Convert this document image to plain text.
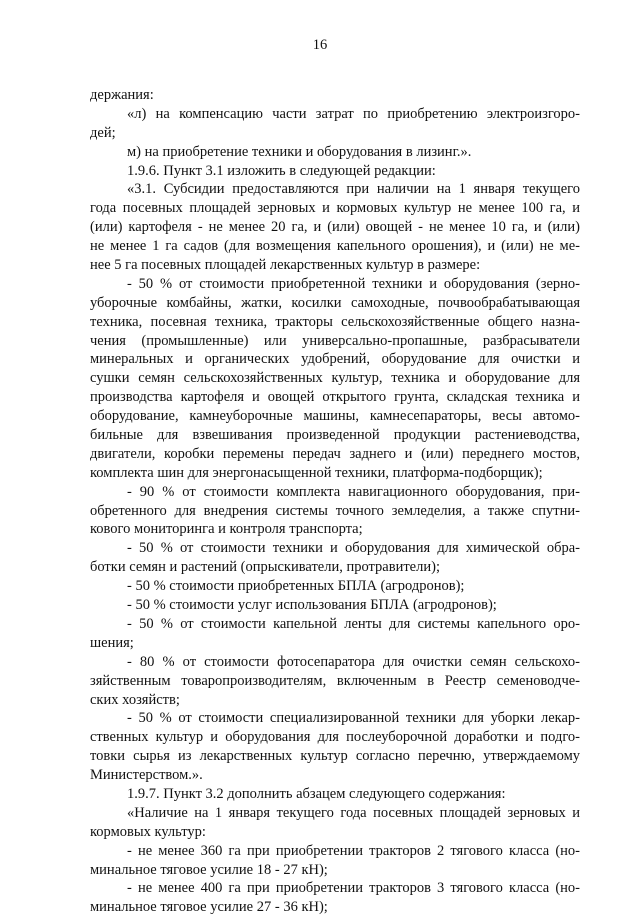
16
держания:
«л) на компенсацию части затрат по приобретению электроизгоро-
дей;
м) на приобретение техники и оборудования в лизинг.».
1.9.6. Пункт 3.1 изложить в следующей редакции:
«3.1. Субсидии предоставляются при наличии на 1 января текущего
года посевных площадей зерновых и кормовых культур не менее 100 га, и
(или) картофеля - не менее 20 га, и (или) овощей - не менее 10 га, и (или)
не менее 1 га садов (для возмещения капельного орошения), и (или) не ме-
нее 5 га посевных площадей лекарственных культур в размере:
- 50 % от стоимости приобретенной техники и оборудования (зерно-
уборочные комбайны, жатки, косилки самоходные, почвообрабатывающая
техника, посевная техника, тракторы сельскохозяйственные общего назна-
чения (промышленные) или универсально-пропашные, разбрасыватели
минеральных и органических удобрений, оборудование для очистки и
сушки семян сельскохозяйственных культур, техника и оборудование для
производства картофеля и овощей открытого грунта, складская техника и
оборудование, камнеуборочные машины, камнесепараторы, весы автомо-
бильные для взвешивания произведенной продукции растениеводства,
двигатели, коробки перемены передач заднего и (или) переднего мостов,
комплекта шин для энергонасыщенной техники, платформа-подборщик);
- 90 % от стоимости комплекта навигационного оборудования, при-
обретенного для внедрения системы точного земледелия, а также спутни-
кового мониторинга и контроля транспорта;
- 50 % от стоимости техники и оборудования для химической обра-
ботки семян и растений (опрыскиватели, протравители);
- 50 % стоимости приобретенных БПЛА (агродронов);
- 50 % стоимости услуг использования БПЛА (агродронов);
- 50 % от стоимости капельной ленты для системы капельного оро-
шения;
- 80 % от стоимости фотосепаратора для очистки семян сельскохо-
зяйственным товаропроизводителям, включенным в Реестр семеноводче-
ских хозяйств;
- 50 % от стоимости специализированной техники для уборки лекар-
ственных культур и оборудования для послеуборочной доработки и подго-
товки сырья из лекарственных культур согласно перечню, утверждаемому
Министерством.».
1.9.7. Пункт 3.2 дополнить абзацем следующего содержания:
«Наличие на 1 января текущего года посевных площадей зерновых и
кормовых культур:
- не менее 360 га при приобретении тракторов 2 тягового класса (но-
минальное тяговое усилие 18 - 27 кН);
- не менее 400 га при приобретении тракторов 3 тягового класса (но-
минальное тяговое усилие 27 - 36 кН);
